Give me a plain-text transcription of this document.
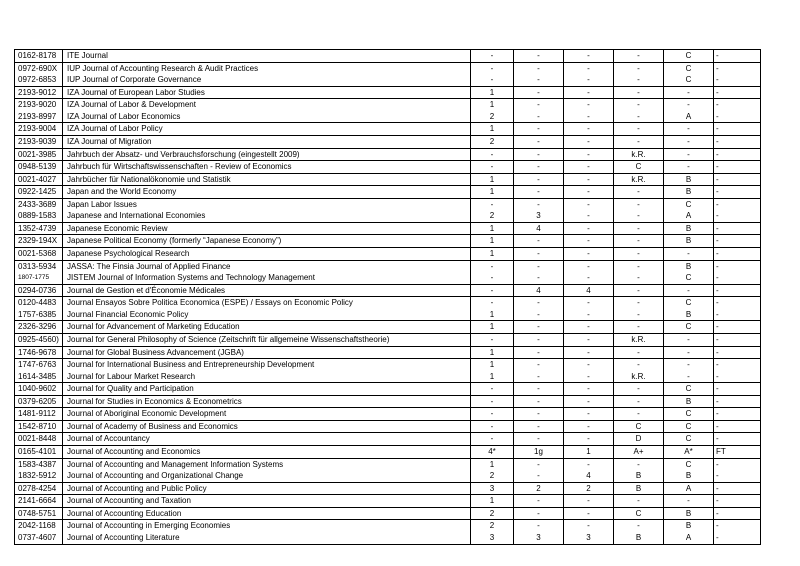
0162-8178	ITE Journal	-	-	-	-	C	-
0972-690X	IUP Journal of Accounting Research & Audit Practices	-	-	-	-	C	-
0972-6853	IUP Journal of Corporate Governance	-	-	-	-	C	-
2193-9012	IZA Journal of European Labor Studies	1	-	-	-	-	-
2193-9020	IZA Journal of Labor & Development	1	-	-	-	-	-
2193-8997	IZA Journal of Labor Economics	2	-	-	-	A	-
2193-9004	IZA Journal of Labor Policy	1	-	-	-	-	-
2193-9039	IZA Journal of Migration	2	-	-	-	-	-
0021-3985	Jahrbuch der Absatz- und Verbrauchsforschung (eingestellt 2009)	-	-	-	k.R.	-	-
0948-5139	Jahrbuch für Wirtschaftswissenschaften - Review of Economics	-	-	-	C	-	-
0021-4027	Jahrbücher für Nationalökonomie und Statistik	1	-	-	k.R.	B	-
0922-1425	Japan and the World Economy	1	-	-	-	B	-
2433-3689	Japan Labor Issues	-	-	-	-	C	-
0889-1583	Japanese and International Economies	2	3	-	-	A	-
1352-4739	Japanese Economic Review	1	4	-	-	B	-
2329-194X	Japanese Political Economy (formerly “Japanese Economy”)	1	-	-	-	B	-
0021-5368	Japanese Psychological Research	1	-	-	-	-	-
0313-5934	JASSA: The Finsia Journal of Applied Finance	-	-	-	-	B	-
1807-1775	JISTEM Journal of Information Systems and Technology Management	-	-	-	-	C	-
0294-0736	Journal de Gestion et d'Économie Médicales	-	4	4	-	-	-
0120-4483	Journal Ensayos Sobre Politica Economica (ESPE) / Essays on Economic Policy	-	-	-	-	C	-
1757-6385	Journal Financial Economic Policy	1	-	-	-	B	-
2326-3296	Journal for Advancement of Marketing Education	1	-	-	-	C	-
0925-4560)	Journal for General Philosophy of Science (Zeitschrift für allgemeine Wissenschaftstheorie)	-	-	-	k.R.	-	-
1746-9678	Journal for Global Business Advancement (JGBA)	1	-	-	-	-	-
1747-6763	Journal for International Business and Entrepreneurship Development	1	-	-	-	-	-
1614-3485	Journal for Labour Market Research	1	-	-	k.R.	-	-
1040-9602	Journal for Quality and Participation	-	-	-	-	C	-
0379-6205	Journal for Studies in Economics & Econometrics	-	-	-	-	B	-
1481-9112	Journal of Aboriginal Economic Development	-	-	-	-	C	-
1542-8710	Journal of Academy of Business and Economics	-	-	-	C	C	-
0021-8448	Journal of Accountancy	-	-	-	D	C	-
0165-4101	Journal of Accounting and Economics	4*	1g	1	A+	A*	FT
1583-4387	Journal of Accounting and Management Information Systems	1	-	-	-	C	-
1832-5912	Journal of Accounting and Organizational Change	2	-	4	B	B	-
0278-4254	Journal of Accounting and Public Policy	3	2	2	B	A	-
2141-6664	Journal of Accounting and Taxation	1	-	-	-	-	-
0748-5751	Journal of Accounting Education	2	-	-	C	B	-
2042-1168	Journal of Accounting in Emerging Economies	2	-	-	-	B	-
0737-4607	Journal of Accounting Literature	3	3	3	B	A	-
